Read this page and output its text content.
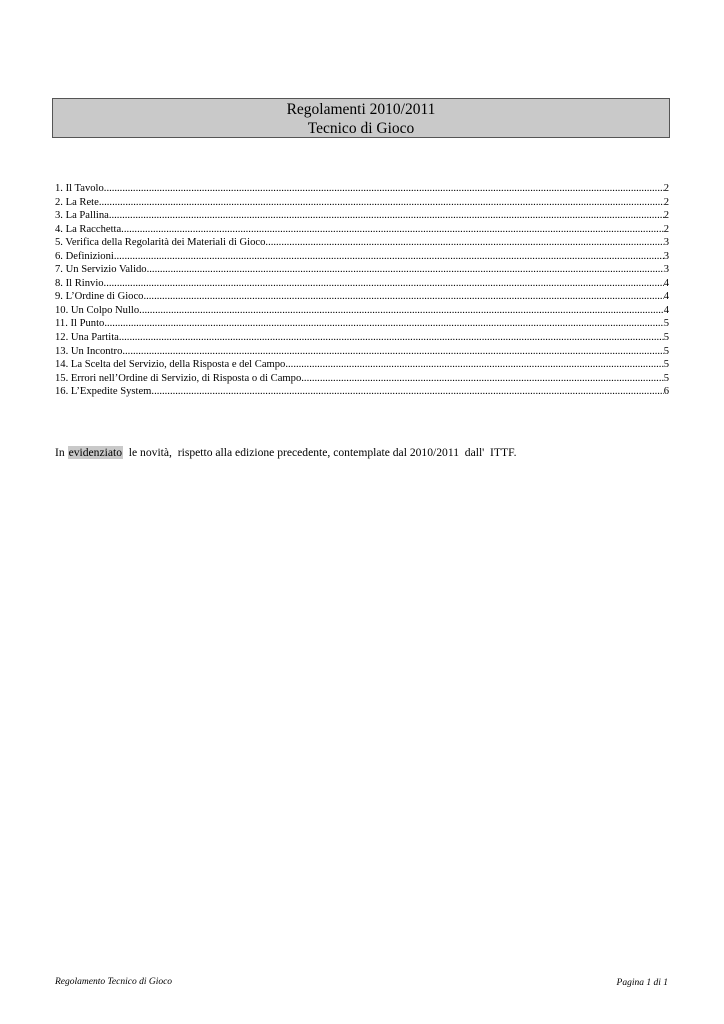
Regolamenti 2010/2011
Tecnico di Gioco
1. Il Tavolo. .....	2
2. La Rete. .....	2
3. La Pallina. .....	2
4. La Racchetta. .....	2
5. Verifica della Regolarità dei Materiali di Gioco. .....	3
6. Definizioni. .....	3
7. Un Servizio Valido. .....	3
8. Il Rinvio. .....	4
9. L’Ordine di Gioco. .....	4
10. Un Colpo Nullo. .....	4
11. Il Punto. .....	5
12. Una Partita. .....	5
13. Un Incontro. .....	5
14. La Scelta del Servizio, della Risposta e del Campo. .....	5
15. Errori nell’Ordine di Servizio, di Risposta o di Campo. .....	5
16. L’Expedite System. .....	6
In evidenziato  le novità,  rispetto alla edizione precedente, contemplate dal 2010/2011  dall'  ITTF.
Regolamento Tecnico di Gioco	Pagina 1 di 1
